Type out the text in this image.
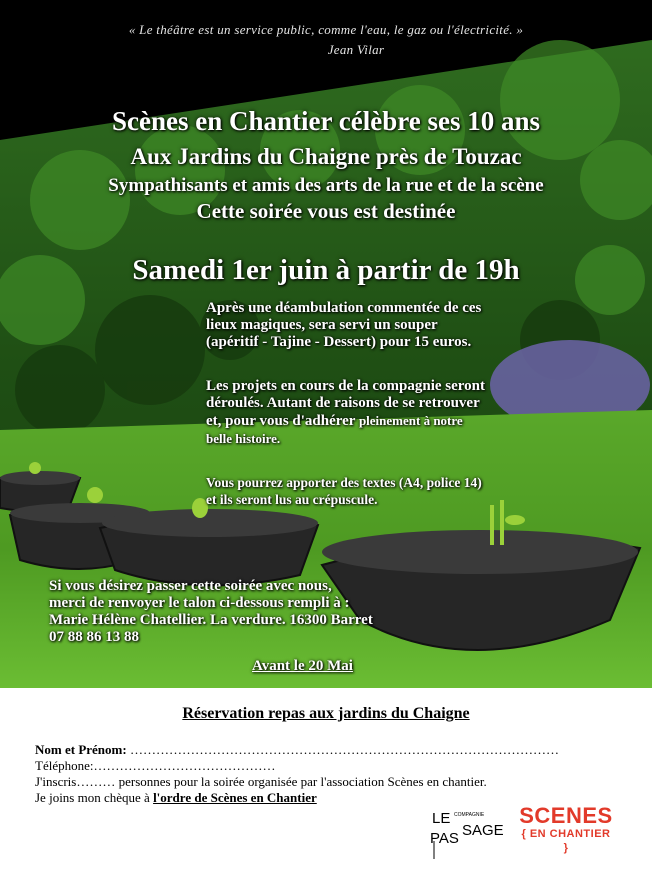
« Le théâtre est un service public, comme l'eau, le gaz ou l'électricité. »
Jean Vilar
Scènes en Chantier célèbre ses 10 ans
Aux Jardins du Chaigne près de Touzac
Sympathisants et amis des arts de la rue et de la scène
Cette soirée vous est destinée
Samedi 1er juin à partir de 19h

Après une déambulation commentée de ces

lieux magiques, sera servi un souper

(apéritif - Tajine - Dessert) pour 15 euros.

Les projets en cours de la compagnie seront

déroulés. Autant de raisons de se retrouver

et, pour vous d'adhérer pleinement à notre

belle histoire.

Vous pourrez apporter des textes (A4, police 14)

et ils seront lus au crépuscule.

Si vous désirez passer cette soirée avec nous,

merci de renvoyer le talon ci-dessous rempli à :

Marie Hélène Chatellier. La verdure. 16300 Barret

07 88 86 13 88

Avant le 20 Mai
Réservation repas aux jardins du Chaigne
Nom et Prénom: ………………………………………………………………………………………
Téléphone:……………………………………
J'inscris……… personnes pour la soirée organisée par l'association Scènes en chantier.
Je joins mon chèque à l'ordre de Scènes en Chantier
LE COMPAGNIE
PAS SAGE
SCENES
{ EN CHANTIER }
